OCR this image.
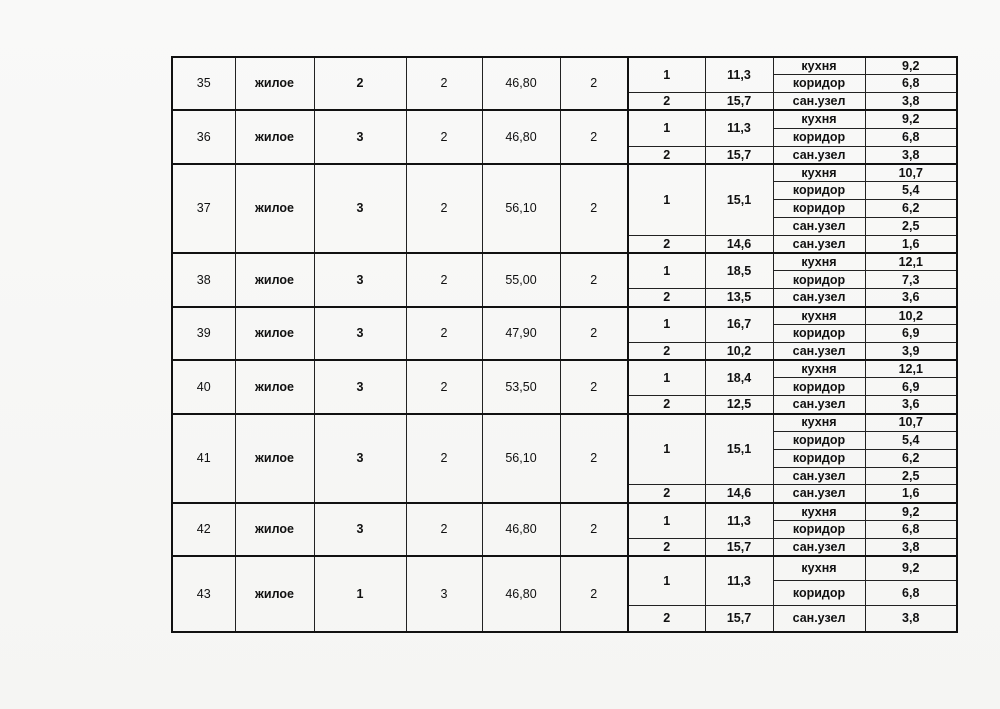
35	жилое	2	2	46,80	2	1	11,3	кухня	9,2
								коридор	6,8
						2	15,7	сан.узел	3,8
36	жилое	3	2	46,80	2	1	11,3	кухня	9,2
								коридор	6,8
						2	15,7	сан.узел	3,8
37	жилое	3	2	56,10	2	1	15,1	кухня	10,7
								коридор	5,4
								коридор	6,2
								сан.узел	2,5
						2	14,6	сан.узел	1,6
38	жилое	3	2	55,00	2	1	18,5	кухня	12,1
								коридор	7,3
						2	13,5	сан.узел	3,6
39	жилое	3	2	47,90	2	1	16,7	кухня	10,2
								коридор	6,9
						2	10,2	сан.узел	3,9
40	жилое	3	2	53,50	2	1	18,4	кухня	12,1
								коридор	6,9
						2	12,5	сан.узел	3,6
41	жилое	3	2	56,10	2	1	15,1	кухня	10,7
								коридор	5,4
								коридор	6,2
								сан.узел	2,5
						2	14,6	сан.узел	1,6
42	жилое	3	2	46,80	2	1	11,3	кухня	9,2
								коридор	6,8
						2	15,7	сан.узел	3,8
43	жилое	1	3	46,80	2	1	11,3	кухня	9,2
								коридор	6,8
						2	15,7	сан.узел	3,8
